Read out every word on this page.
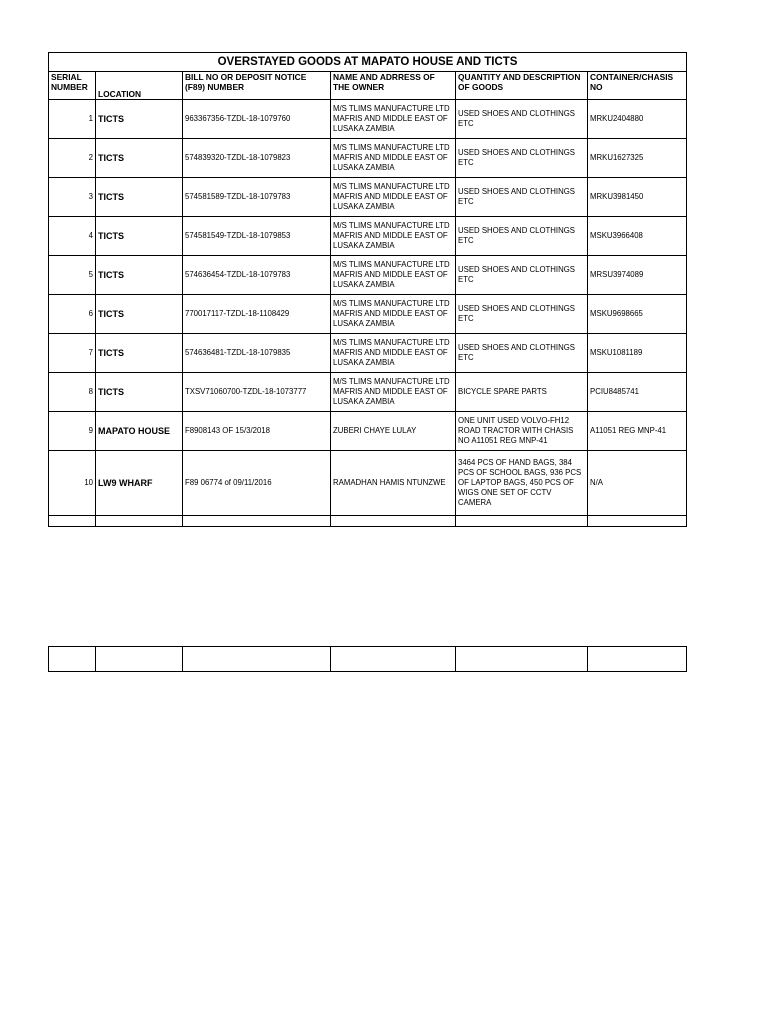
OVERSTAYED GOODS AT MAPATO HOUSE AND TICTS					
SERIAL NUMBER	LOCATION	BILL NO OR DEPOSIT NOTICE (F89) NUMBER	NAME AND ADRRESS OF THE OWNER	QUANTITY AND DESCRIPTION OF GOODS	CONTAINER/CHASIS NO
1	TICTS	963367356-TZDL-18-1079760	M/S TLIMS MANUFACTURE LTD MAFRIS AND MIDDLE EAST OF LUSAKA ZAMBIA	USED SHOES AND CLOTHINGS ETC	MRKU2404880
2	TICTS	574839320-TZDL-18-1079823	M/S TLIMS MANUFACTURE LTD MAFRIS AND MIDDLE EAST OF LUSAKA ZAMBIA	USED SHOES AND CLOTHINGS ETC	MRKU1627325
3	TICTS	574581589-TZDL-18-1079783	M/S TLIMS MANUFACTURE LTD MAFRIS AND MIDDLE EAST OF LUSAKA ZAMBIA	USED SHOES AND CLOTHINGS ETC	MRKU3981450
4	TICTS	574581549-TZDL-18-1079853	M/S TLIMS MANUFACTURE LTD MAFRIS AND MIDDLE EAST OF LUSAKA ZAMBIA	USED SHOES AND CLOTHINGS ETC	MSKU3966408
5	TICTS	574636454-TZDL-18-1079783	M/S TLIMS MANUFACTURE LTD MAFRIS AND MIDDLE EAST OF LUSAKA ZAMBIA	USED SHOES AND CLOTHINGS ETC	MRSU3974089
6	TICTS	770017117-TZDL-18-1108429	M/S TLIMS MANUFACTURE LTD MAFRIS AND MIDDLE EAST OF LUSAKA ZAMBIA	USED SHOES AND CLOTHINGS ETC	MSKU9698665
7	TICTS	574636481-TZDL-18-1079835	M/S TLIMS MANUFACTURE LTD MAFRIS AND MIDDLE EAST OF LUSAKA ZAMBIA	USED SHOES AND CLOTHINGS ETC	MSKU1081189
8	TICTS	TXSV71060700-TZDL-18-1073777	M/S TLIMS MANUFACTURE LTD MAFRIS AND MIDDLE EAST OF LUSAKA ZAMBIA	BICYCLE SPARE PARTS	PCIU8485741
9	MAPATO HOUSE	F8908143 OF 15/3/2018	ZUBERI CHAYE LULAY	ONE UNIT USED VOLVO-FH12 ROAD TRACTOR WITH CHASIS NO A11051 REG MNP-41	A11051 REG MNP-41
10	LW9 WHARF	F89 06774 of 09/11/2016	RAMADHAN HAMIS NTUNZWE	3464 PCS OF HAND BAGS, 384 PCS OF SCHOOL BAGS, 936 PCS OF LAPTOP BAGS, 450 PCS OF WIGS ONE SET OF CCTV CAMERA	N/A
